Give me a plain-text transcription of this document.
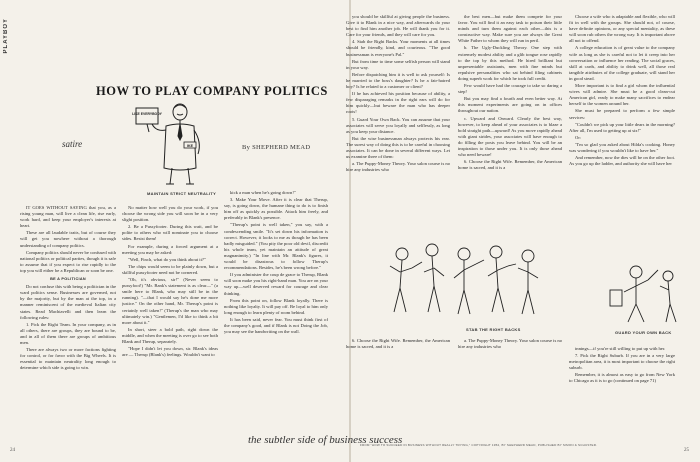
PLAYBOY
HOW TO PLAY COMPANY POLITICS
satire	By SHEPHERD MEAD
LIKE EVERYBODY
IKE
MAINTAIN STRICT NEUTRALITY

IT GOES WITHOUT SAYING that you, as a rising young man, will live a clean life, rise early, work hard, and keep your employer's interests at heart.

These are all laudable traits, but of course they will get you nowhere without a thorough understanding of company politics.

Company politics should never be confused with national politics or political parties, though it is safe to assume that if you expect to rise rapidly to the top you will either be a Republican or soon be one.

BE A POLITICIAN

Do not confuse this with being a politician in the ward politics sense. Businesses are governed, not by the majority, but by the man at the top, in a manner reminiscent of the medieval Italian city states. Read Machiavelli and then learn the following rules:

1. Pick the Right Team. In your company, as in all others, there are groups, they are bound to be, and in all of them there are groups of ambitious men.

There are always two or more factions fighting for control, or for favor with the Big Wheels. It is essential to maintain neutrality long enough to determine which side is going to win.

No matter how well you do your work, if you choose the wrong side you will soon be in a very slight position.

2. Be a Pussyfooter. During this wait, and be polite to others who will nominate you to choose sides. Resist them!

For example, during a forced argument at a meeting you may be asked:

"Well, Finch, what do you think about it?"

The chips would seem to be plainly down, but a skillful pussyfooter need not be cornered.

"Oh, it's obvious, sir!" (Never seem to pussyfoot!) "Mr. Bank's statement is as clear—" (a smile here to Blank, who may still be in the running). "—that I would say he's done me more justice." On the other hand, Mr. Therup's point is certainly well taken!" (Therup's the man who may ultimately win.) "Gentlemen, I'd like to think a bit more about it."

In short, steer a bold path, right down the middle, and when the meeting is over go to see both Blank and Therup, separately.

"Hope I didn't let you down, sir. Blank's ideas are — Therup (Blank's) feelings. Wouldn't want to

kick a man when he's going down!"

3. Make Your Move. After it is clear that Therup, say, is going down, the humane thing to do is to finish him off as quickly as possible. Attack him freely, and preferably in Blank's presence.

"Therup's point is well taken," you say, with a condescending smile. "It's set down his information is correct. However, it looks to me as though he has been badly misguided." (You pity the poor old devil, discredit his whole team, yet maintain an attitude of great magnanimity.) "In line with Mr. Blank's figures, it would be disastrous to follow Therup's recommendations. Besides, he's been wrong before."

If you administer the coup de grace to Therup, Blank will soon make you his right-hand man. You are on your way up—well deserved reward for courage and clear thinking.

From this point on, follow Blank loyally. There is nothing like loyalty. It will pay off. Be loyal to him only long enough to learn plenty of room behind.

It has been said, never fear. You must think first of the company's good, and if Blank is not Doing the Job, you may see the handwriting on the wall.

the subtler side of business success
24

you should be skillful at giving people the business. Give it to Blank in a nice way, and afterwards do your best to find him another job. He will thank you for it. Care for your friends, and they will care for you.

4. Stab the Right Backs. Your moments at all times should be friendly, kind, and courteous. "The good businessman is everyone's Pal."

But from time to time some selfish person will stand in your way.

Before dispatching him it is well to ask yourself: Is he married to the boss's daughter? Is he a fair-haired boy? Is he related to a customer or client?

If he has achieved his position because of ability, a few disparaging remarks in the right ears will do for him quickly—but beware the man who has deeper roots!

5. Guard Your Own Back. You can assume that your associates will serve you loyally and selflessly, as long as you keep your distance.

But the wise businessman always protects his rear. The surest way of doing this is to be careful in choosing associates. It can be done in several different ways. Let us examine three of them:

a. The Puppy-Money Theory. Your salon course is no hire any industries who

the best men—but make them compete for your favor. You will find it an easy task to poison their little minds and turn them against each other—this is a constructive way. Make sure you are always the Great White Father to whom they will run in peril.

b. The Ugly-Duckling Theory. One step with extremely modest ability and a glib tongue rose rapidly to the top by this method. He hired brilliant but unpresentable assistants, men with fine minds but repulsive personalities who sat behind filing cabinets doing superb work for which he took full credit.

Few would have had the courage to take so daring a step!

But you may find a fourth and even better way. At this moment experiments are going on in offices throughout our nation.

c. Upward and Onward. Clearly the best way, however, to keep ahead of your associates is to blaze a bold straight path—upward! As you move rapidly ahead with giant strides, your associates will have enough to do filling the posts you leave behind. You will be an inspiration to those under you. It is only those ahead who need beware!

6. Choose the Right Wife. Remember, the American home is sacred, and it is a

Choose a wife who is adaptable and flexible, who will fit in well with the groups. She should not, of course, have definite opinions, or any special mentality, as these will soon rub others the wrong way. It is important above all not to offend.

A college education is of great value to the company wife as long as she is careful not to let it creep into her conversation or influence her reading. The social graces, skill at cards, and ability to drink well, all those real tangible attributes of the college graduate, will stand her in good stead.

More important is to find a girl whom the influential wives will admire. She must be a good clean-cut American girl, ready to make many sacrifices to endear herself to the women around her.

She must be prepared to perform a few simple services:

"Couldn't we pick up your little dears in the morning? After all, I'm used to getting up at six!"

Or:

"I'm so glad you asked about Hilda's cooking. Honey was wondering if you wouldn't like to have her."

And remember, now the dies will be on the other foot. As you go up the ladder, and authority she will have her

STAB THE RIGHT BACKS
GUARD YOUR OWN BACK

a. The Puppy-Money Theory. Your salon course is no hire any industries who	innings—if you're still willing to put up with her.

7. Pick the Right Suburb. If you are in a very large metropolitan area, it is most important to choose the right suburb.

Remember, it is almost as easy to go from New York to Chicago as it is to go (continued on page 71)

6. Choose the Right Wife. Remember, the American home is sacred, and it is a

FROM "HOW TO SUCCEED IN BUSINESS WITHOUT REALLY TRYING," COPYRIGHT 1952, BY SHEPHERD MEAD, PUBLISHED BY SIMON & SCHUSTER.
25
